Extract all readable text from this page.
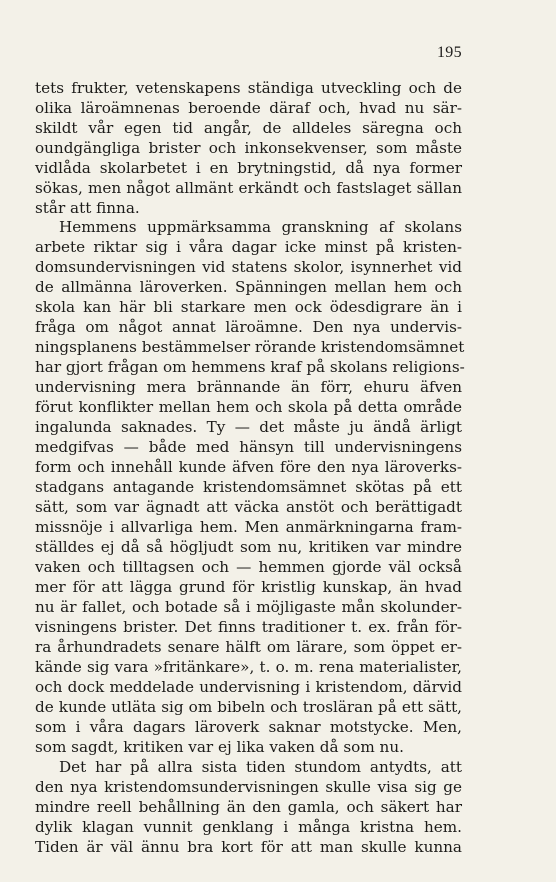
195
tets frukter, vetenskapens ständiga utveckling och de
olika läroämnenas beroende däraf och, hvad nu sär-
skildt vår egen tid angår, de alldeles säregna och
oundgängliga brister och inkonsekvenser, som måste
vidlåda skolarbetet i en brytningstid, då nya former
sökas, men något allmänt erkändt och fastslaget sällan
står att finna.
Hemmens uppmärksamma granskning af skolans
arbete riktar sig i våra dagar icke minst på kristen-
domsundervisningen vid statens skolor, isynnerhet vid
de allmänna läroverken. Spänningen mellan hem och
skola kan här bli starkare men ock ödesdigrare än i
fråga om något annat läroämne. Den nya undervis-
ningsplanens bestämmelser rörande kristendomsämnet
har gjort frågan om hemmens kraf på skolans religions-
undervisning mera brännande än förr, ehuru äfven
förut konflikter mellan hem och skola på detta område
ingalunda saknades. Ty — det måste ju ändå ärligt
medgifvas — både med hänsyn till undervisningens
form och innehåll kunde äfven före den nya läroverks-
stadgans antagande kristendomsämnet skötas på ett
sätt, som var ägnadt att väcka anstöt och berättigadt
missnöje i allvarliga hem. Men anmärkningarna fram-
ställdes ej då så högljudt som nu, kritiken var mindre
vaken och tilltagsen och — hemmen gjorde väl också
mer för att lägga grund för kristlig kunskap, än hvad
nu är fallet, och botade så i möjligaste mån skolunder-
visningens brister. Det finns traditioner t. ex. från för-
ra århundradets senare hälft om lärare, som öppet er-
kände sig vara »fritänkare», t. o. m. rena materialister,
och dock meddelade undervisning i kristendom, därvid
de kunde utläta sig om bibeln och trosläran på ett sätt,
som i våra dagars läroverk saknar motstycke. Men,
som sagdt, kritiken var ej lika vaken då som nu.
Det har på allra sista tiden stundom antydts, att
den nya kristendomsundervisningen skulle visa sig ge
mindre reell behållning än den gamla, och säkert har
dylik klagan vunnit genklang i många kristna hem.
Tiden är väl ännu bra kort för att man skulle kunna
